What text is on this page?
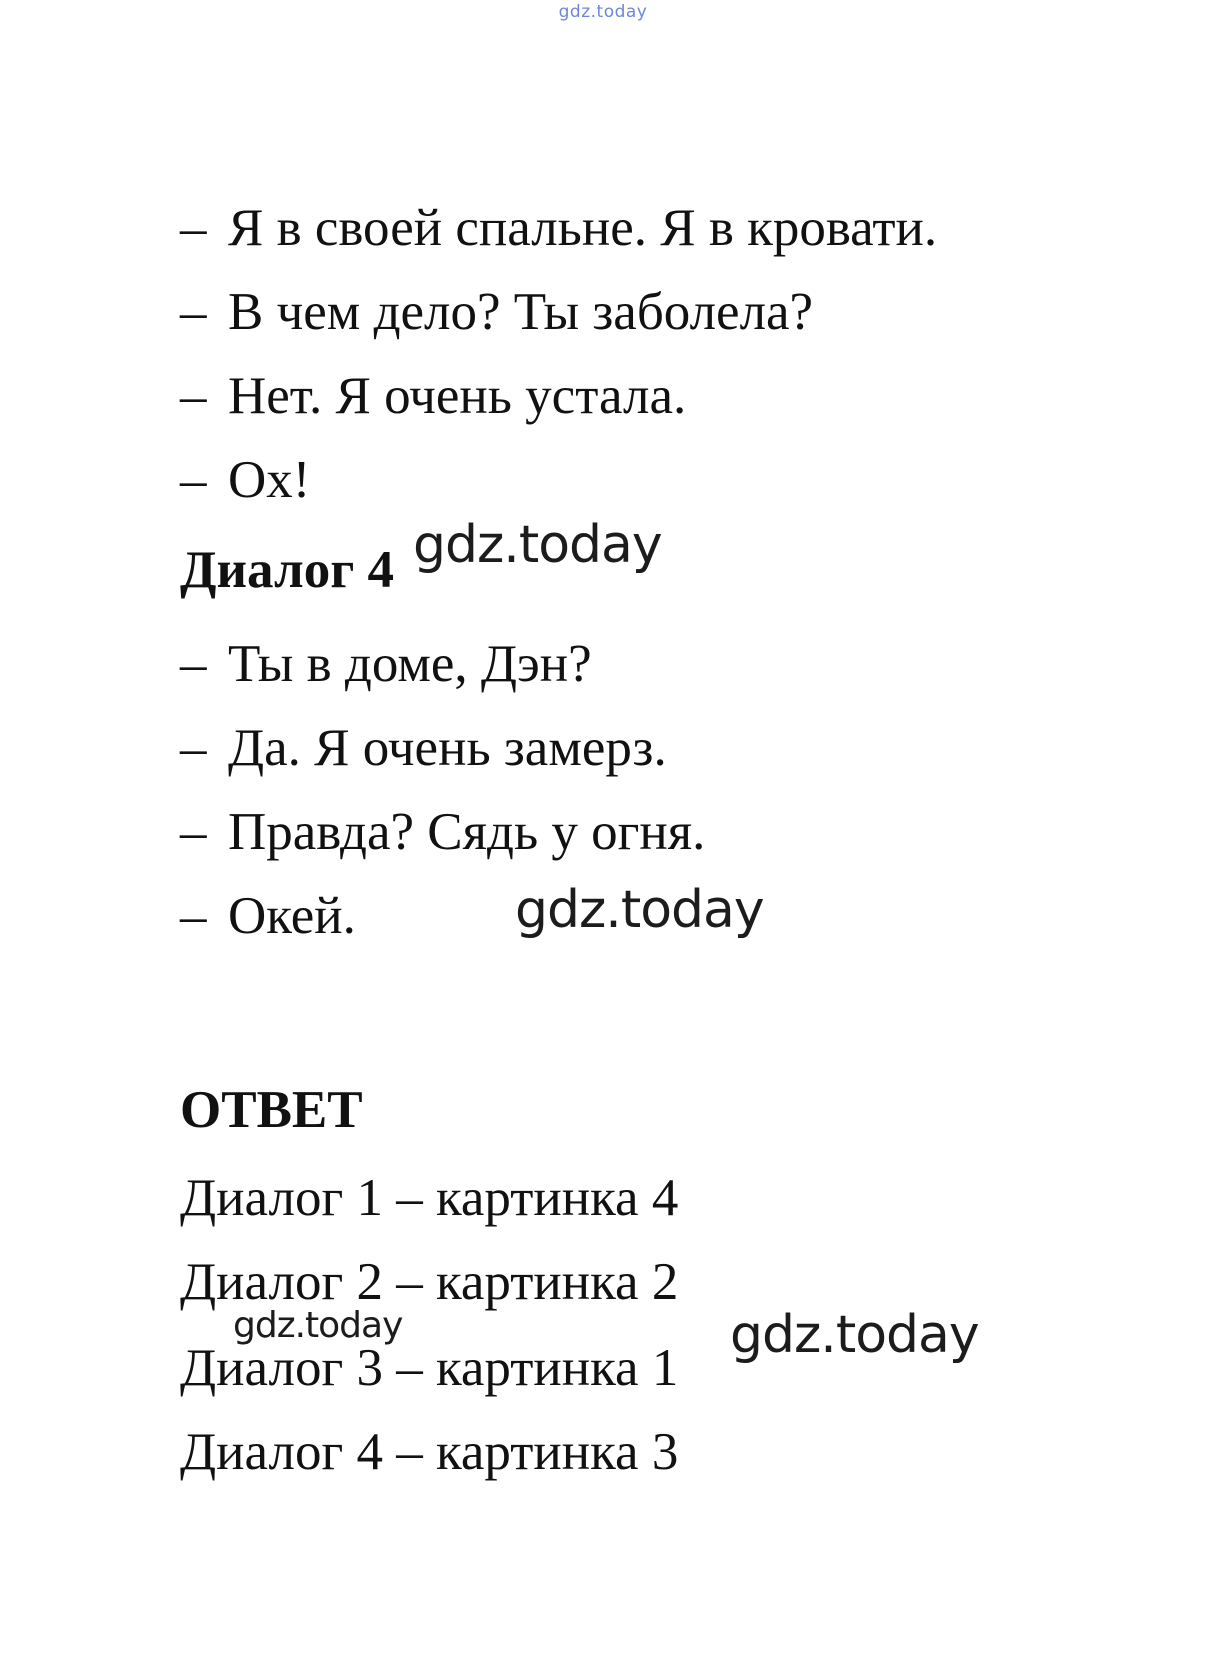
gdz.today
– Я в своей спальне. Я в кровати.
– В чем дело? Ты заболела?
– Нет. Я очень устала.
– Ох!
Диалог 4
– Ты в доме, Дэн?
– Да. Я очень замерз.
– Правда? Сядь у огня.
– Окей.
ОТВЕТ
Диалог 1 – картинка 4
Диалог 2 – картинка 2
Диалог 3 – картинка 1
Диалог 4 – картинка 3
gdz.today
gdz.today
gdz.today	gdz.today
